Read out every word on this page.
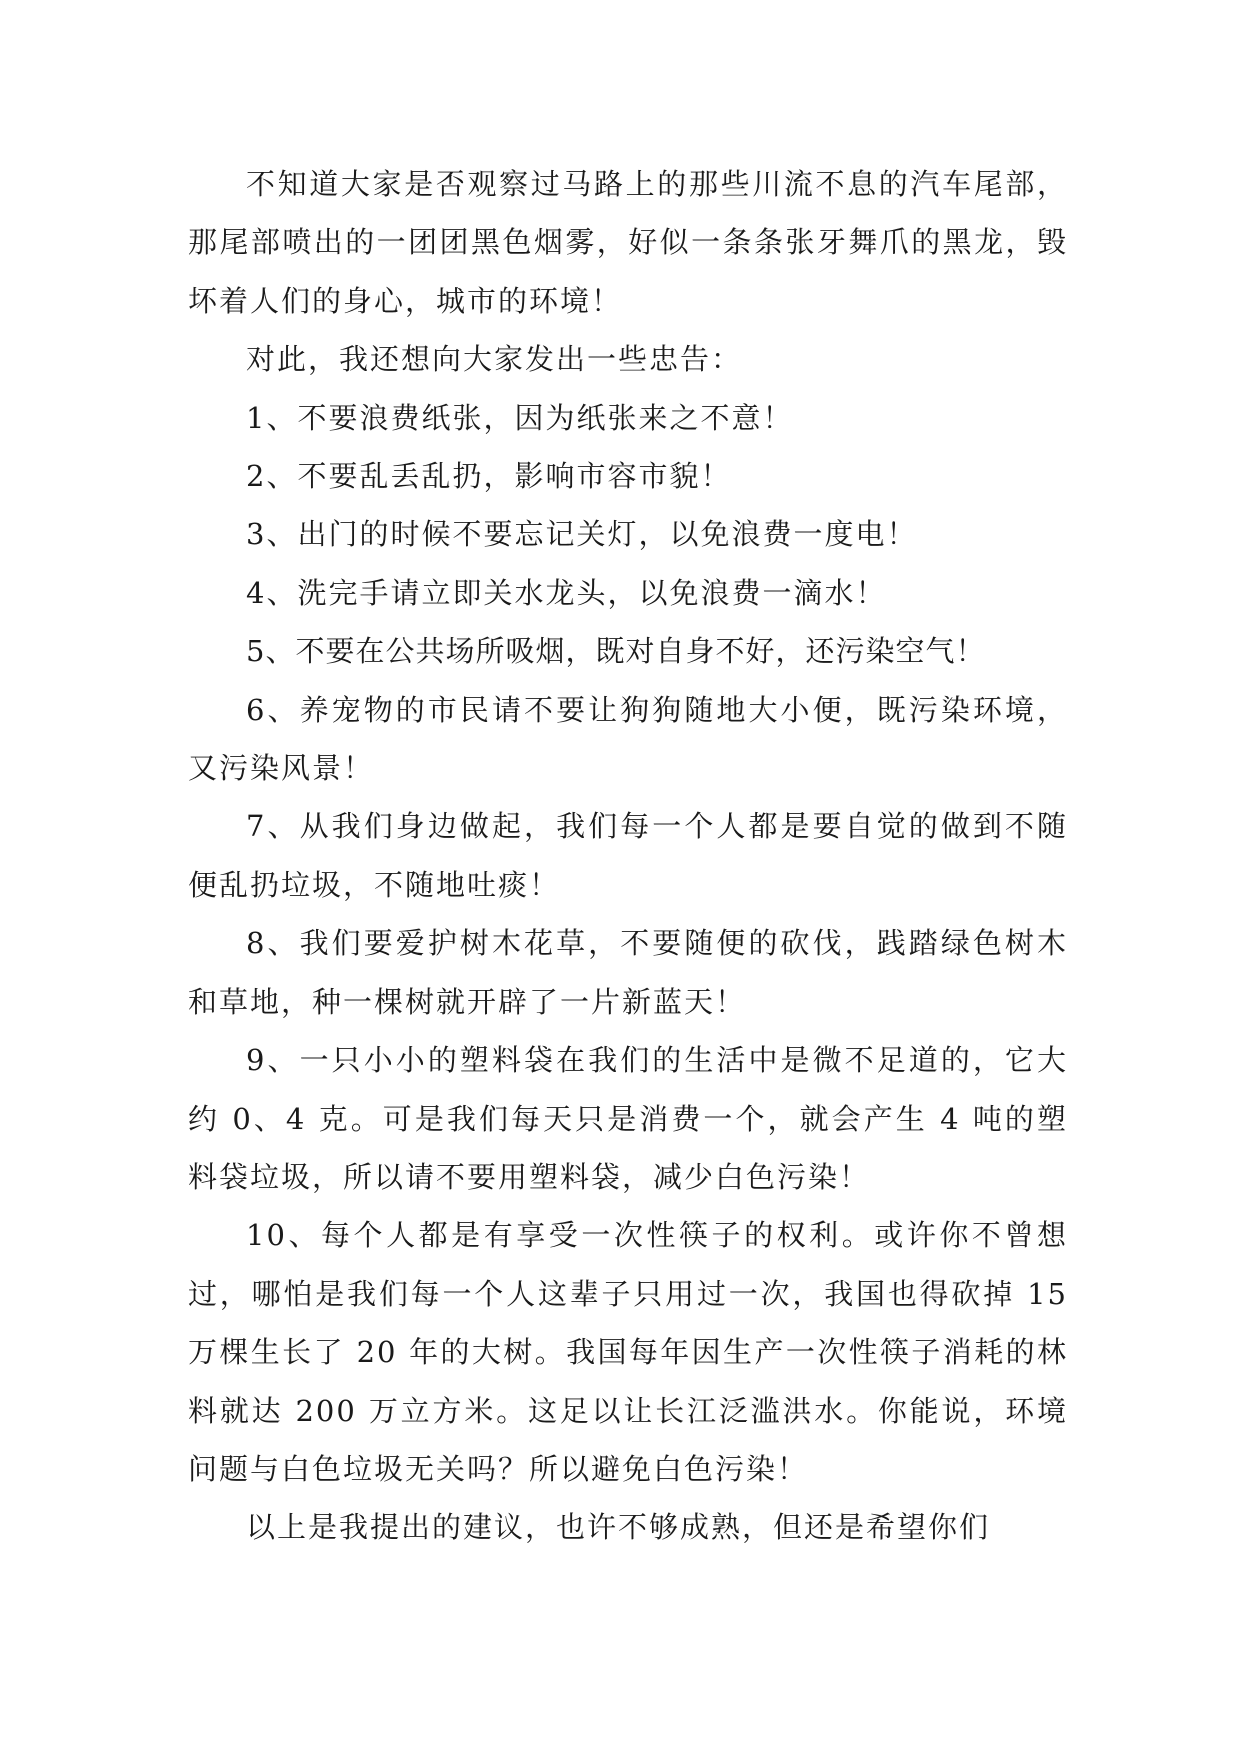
不知道大家是否观察过马路上的那些川流不息的汽车尾部，那尾部喷出的一团团黑色烟雾，好似一条条张牙舞爪的黑龙，毁坏着人们的身心，城市的环境！

对此，我还想向大家发出一些忠告：

1、不要浪费纸张，因为纸张来之不意！

2、不要乱丢乱扔，影响市容市貌！

3、出门的时候不要忘记关灯，以免浪费一度电！

4、洗完手请立即关水龙头，以免浪费一滴水！

5、不要在公共场所吸烟，既对自身不好，还污染空气！

6、养宠物的市民请不要让狗狗随地大小便，既污染环境，又污染风景！

7、从我们身边做起，我们每一个人都是要自觉的做到不随便乱扔垃圾，不随地吐痰！

8、我们要爱护树木花草，不要随便的砍伐，践踏绿色树木和草地，种一棵树就开辟了一片新蓝天！

9、一只小小的塑料袋在我们的生活中是微不足道的，它大约 0、4 克。可是我们每天只是消费一个，就会产生 4 吨的塑料袋垃圾，所以请不要用塑料袋，减少白色污染！

10、每个人都是有享受一次性筷子的权利。或许你不曾想过，哪怕是我们每一个人这辈子只用过一次，我国也得砍掉 15 万棵生长了 20 年的大树。我国每年因生产一次性筷子消耗的林料就达 200 万立方米。这足以让长江泛滥洪水。你能说，环境问题与白色垃圾无关吗？所以避免白色污染！

以上是我提出的建议，也许不够成熟，但还是希望你们
